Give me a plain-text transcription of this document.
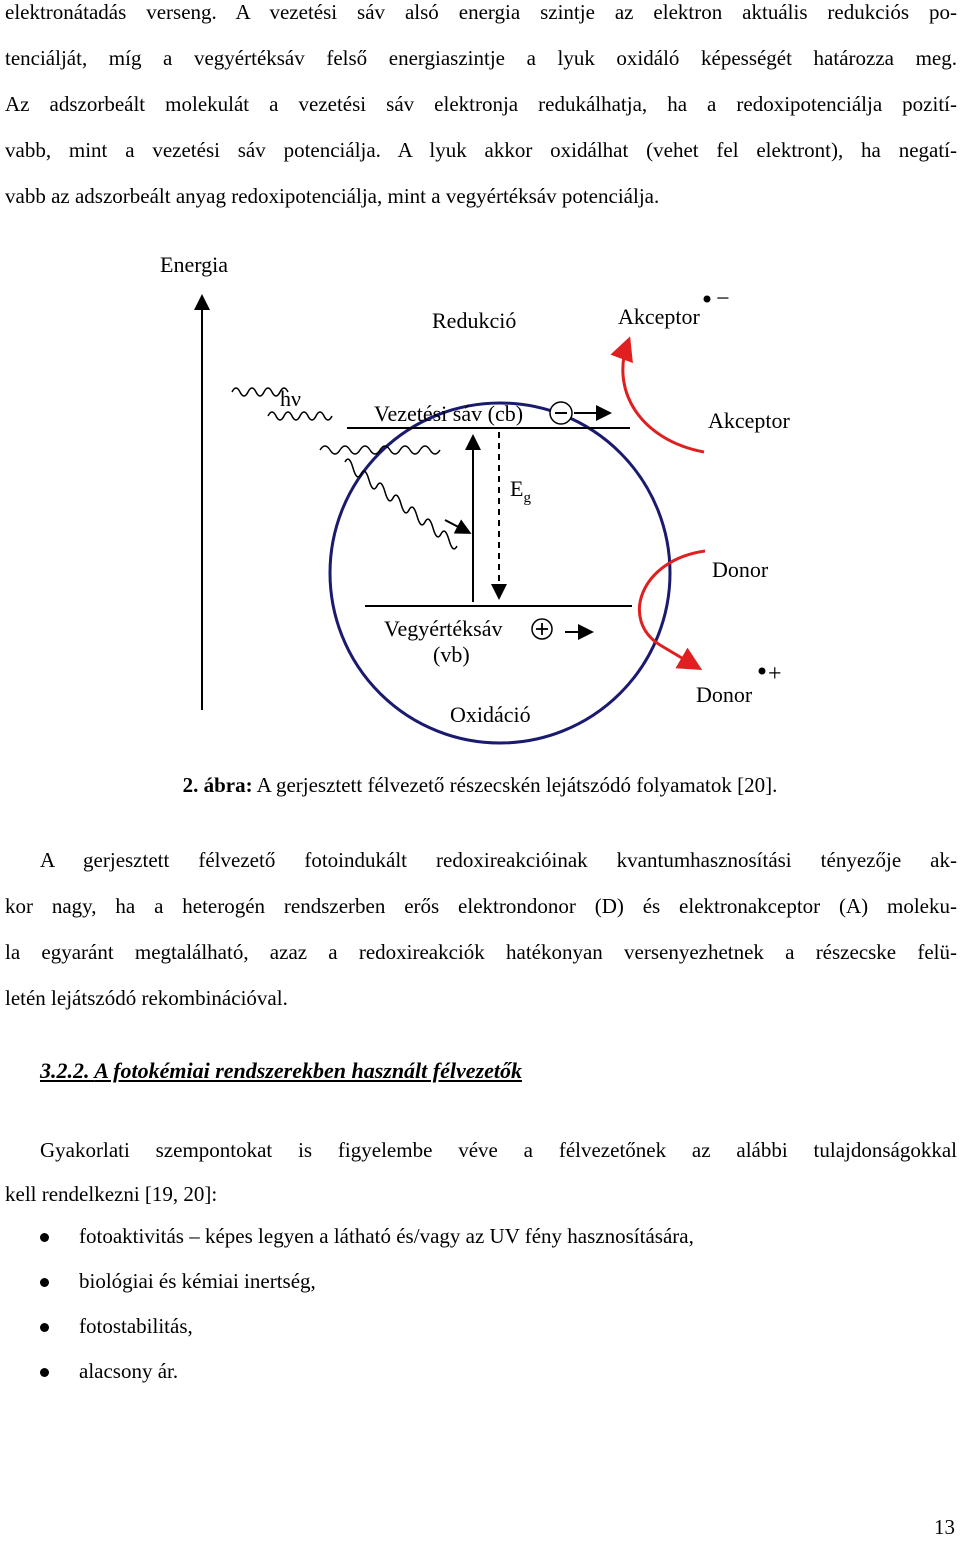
elektronátadás verseng. A vezetési sáv alsó energia szintje az elektron aktuális redukciós po-
tenciálját, míg a vegyértéksáv felső energiaszintje a lyuk oxidáló képességét határozza meg.
Az adszorbeált molekulát a vezetési sáv elektronja redukálhatja, ha a redoxipotenciálja pozití-
vabb, mint a vezetési sáv potenciálja. A lyuk akkor oxidálhat (vehet fel elektront), ha negatí-
vabb az adszorbeált anyag redoxipotenciálja, mint a vegyértéksáv potenciálja.
Energia
$E_g$
hν
Redukció	Akceptor
−
Vezetési sáv (cb)	Akceptor
Donor
Vegyértéksáv
(vb)
Oxidáció
Donor
+
2. ábra: A gerjesztett félvezető részecskén lejátszódó folyamatok [20].
A gerjesztett félvezető fotoindukált redoxireakcióinak kvantumhasznosítási tényezője ak-
kor nagy, ha a heterogén rendszerben erős elektrondonor (D) és elektronakceptor (A) moleku-
la egyaránt megtalálható, azaz a redoxireakciók hatékonyan versenyezhetnek a részecske felü-
letén lejátszódó rekombinációval.
3.2.2. A fotokémiai rendszerekben használt félvezetők
Gyakorlati szempontokat is figyelembe véve a félvezetőnek az alábbi tulajdonságokkal
kell rendelkezni [19, 20]:
fotoaktivitás – képes legyen a látható és/vagy az UV fény hasznosítására,
biológiai és kémiai inertség,
fotostabilitás,
alacsony ár.
13
